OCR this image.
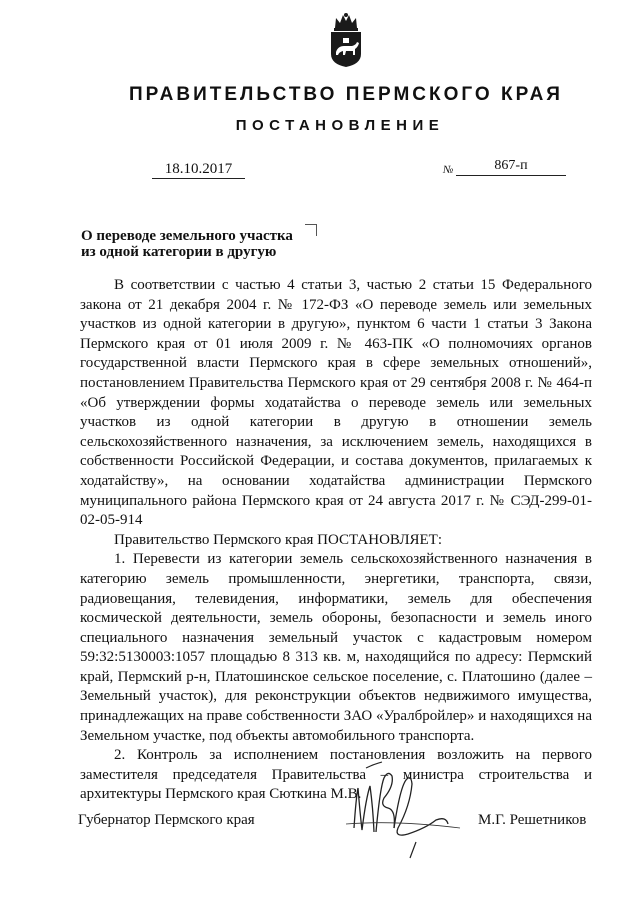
ПРАВИТЕЛЬСТВО ПЕРМСКОГО КРАЯ
ПОСТАНОВЛЕНИЕ
18.10.2017	№	867-п
О переводе земельного участка
из одной категории в другую

В соответствии с частью 4 статьи 3, частью 2 статьи 15 Федерального закона от 21 декабря 2004 г. № 172-ФЗ «О переводе земель или земельных участков из одной категории в другую», пунктом 6 части 1 статьи 3 Закона Пермского края от 01 июля 2009 г. № 463-ПК «О полномочиях органов государственной власти Пермского края в сфере земельных отношений», постановлением Правительства Пермского края от 29 сентября 2008 г. № 464-п «Об утверждении формы ходатайства о переводе земель или земельных участков из одной категории в другую в отношении земель сельскохозяйственного назначения, за исключением земель, находящихся в собственности Российской Федерации, и состава документов, прилагаемых к ходатайству», на основании ходатайства администрации Пермского муниципального района Пермского края от 24 августа 2017 г. № СЭД-299-01-02-05-914

Правительство Пермского края ПОСТАНОВЛЯЕТ:

1. Перевести из категории земель сельскохозяйственного назначения в категорию земель промышленности, энергетики, транспорта, связи, радиовещания, телевидения, информатики, земель для обеспечения космической деятельности, земель обороны, безопасности и земель иного специального назначения земельный участок с кадастровым номером 59:32:5130003:1057 площадью 8 313 кв. м, находящийся по адресу: Пермский край, Пермский р-н, Платошинское сельское поселение, с. Платошино (далее – Земельный участок), для реконструкции объектов недвижимого имущества, принадлежащих на праве собственности ЗАО «Уралбройлер» и находящихся на Земельном участке, под объекты автомобильного транспорта.

2. Контроль за исполнением постановления возложить на первого заместителя председателя Правительства – министра строительства и архитектуры Пермского края Сюткина М.В.

Губернатор Пермского края	М.Г. Решетников
